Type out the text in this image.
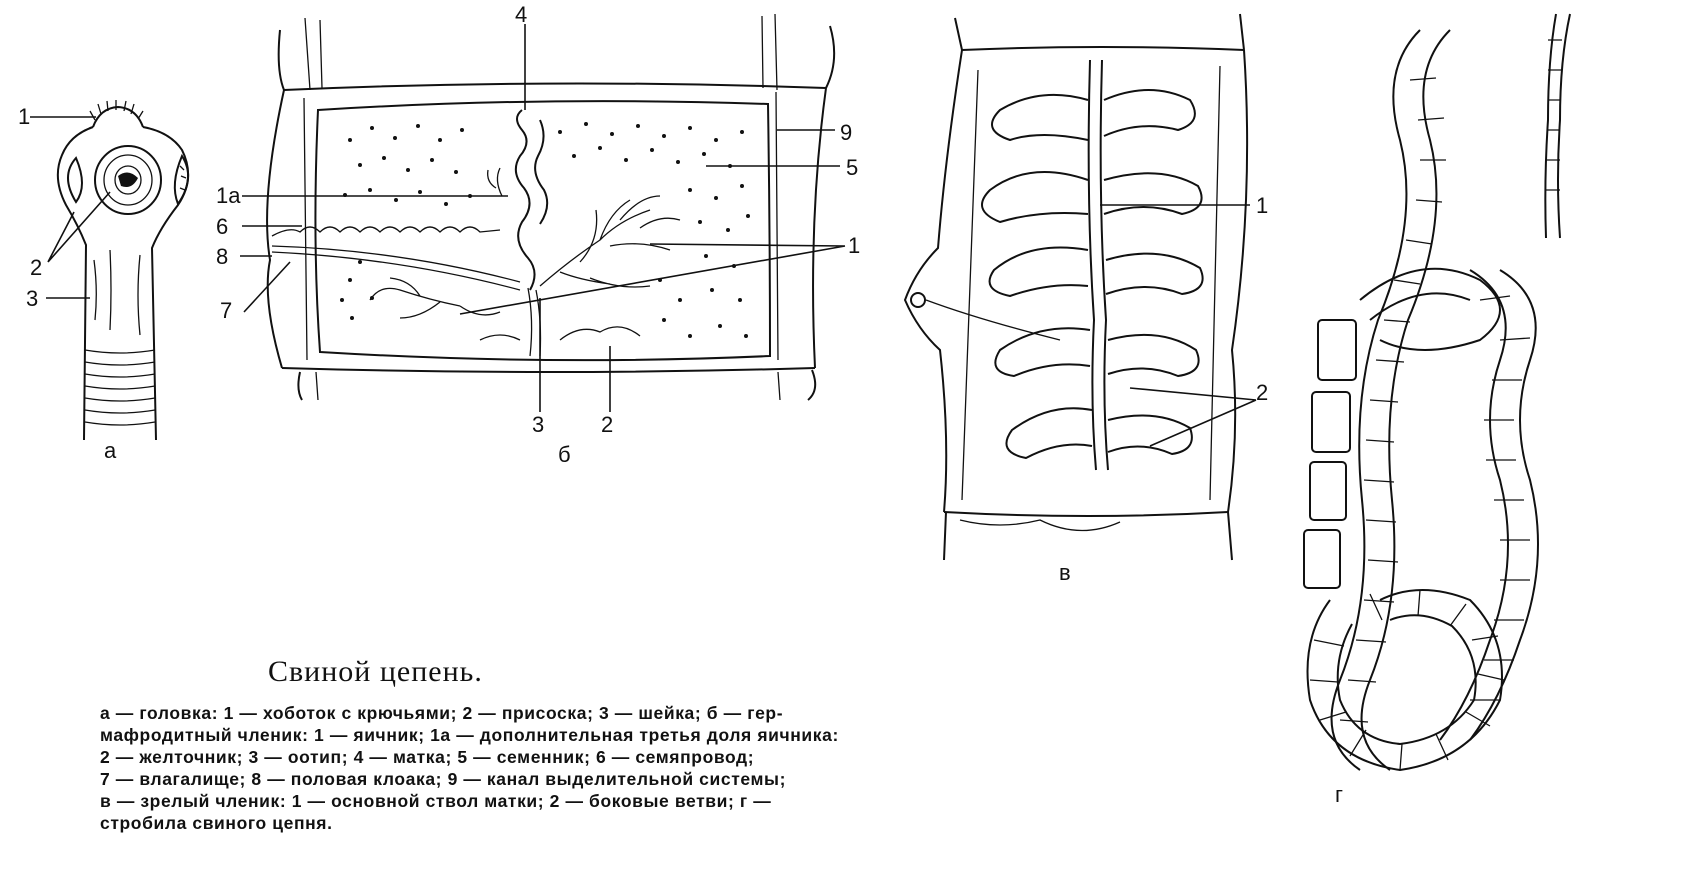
1
2
3
а
4
9
5
1а
6
8
7
1
3	2
б
1
2
в
г
Свиной цепень.
а — головка: 1 — хоботок с крючьями; 2 — присоска; 3 — шейка; б — гер-
мафродитный членик: 1 — яичник; 1а — дополнительная третья доля яичника:
2 — желточник; 3 — оотип; 4 — матка; 5 — семенник; 6 — семяпровод;
7 — влагалище; 8 — половая клоака; 9 — канал выделительной системы;
в — зрелый членик: 1 — основной ствол матки; 2 — боковые ветви; г —
стробила свиного цепня.
